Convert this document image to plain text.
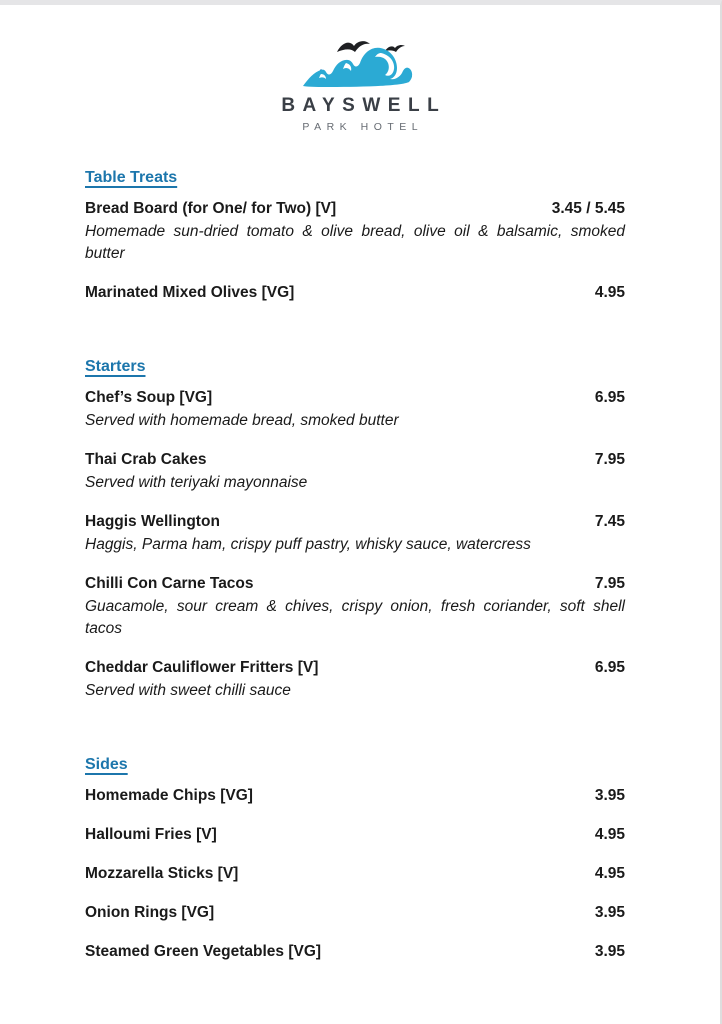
BAYSWELL
PARK HOTEL
Table Treats
Bread Board (for One/ for Two) [V]	3.45 / 5.45

Homemade sun-dried tomato & olive bread, olive oil & balsamic, smoked butter

Marinated Mixed Olives [VG]	4.95
Starters
Chef’s Soup [VG]	6.95

Served with homemade bread, smoked butter

Thai Crab Cakes	7.95

Served with teriyaki mayonnaise

Haggis Wellington	7.45

Haggis, Parma ham, crispy puff pastry, whisky sauce, watercress

Chilli Con Carne Tacos	7.95

Guacamole, sour cream & chives, crispy onion, fresh coriander, soft shell tacos

Cheddar Cauliflower Fritters [V]	6.95

Served with sweet chilli sauce

Sides
Homemade Chips [VG]	3.95
Halloumi Fries [V]	4.95
Mozzarella Sticks [V]	4.95
Onion Rings [VG]	3.95
Steamed Green Vegetables [VG]	3.95
